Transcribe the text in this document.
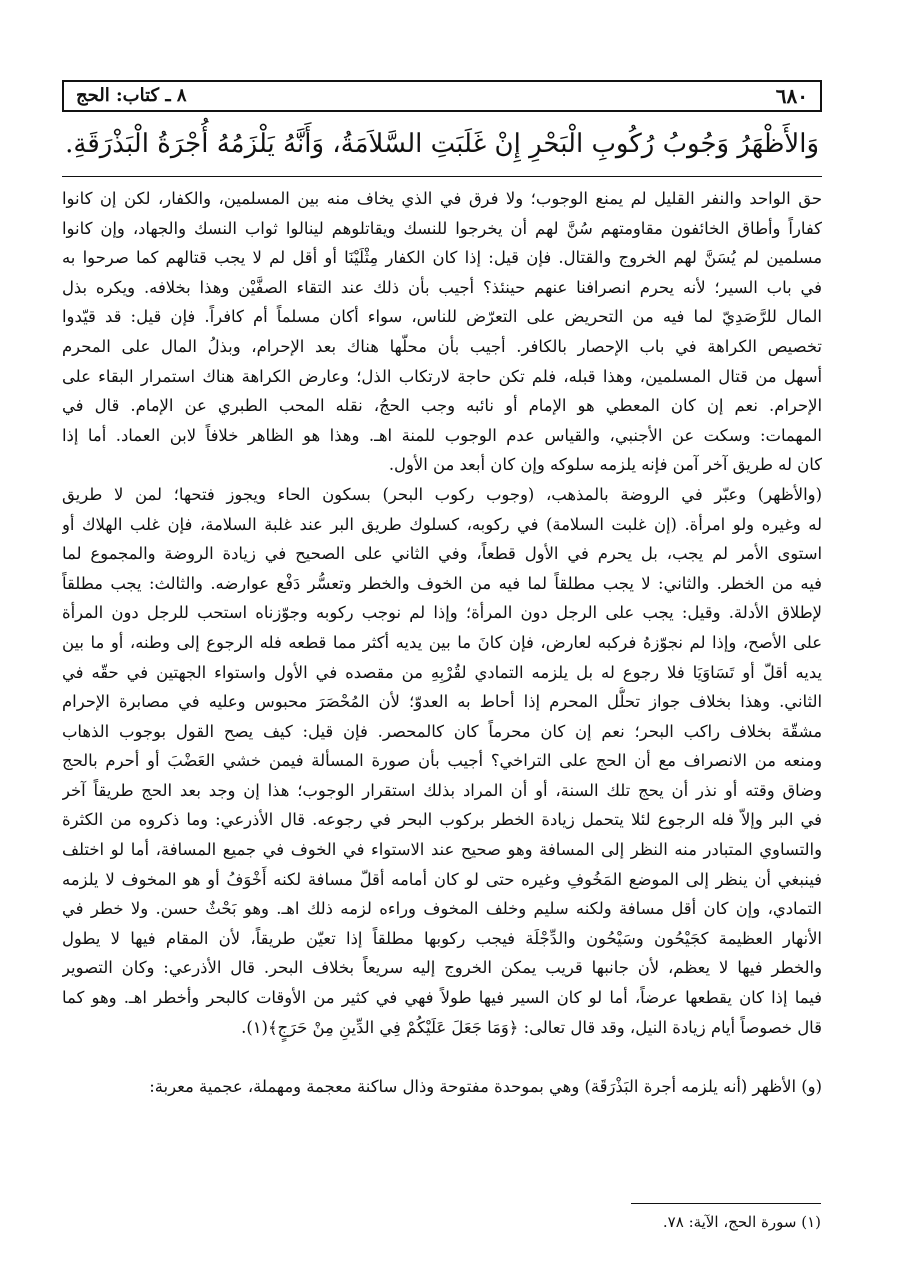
٦٨٠
٨ ـ كتاب: الحج
وَالأَظْهَرُ وَجُوبُ رُكُوبِ الْبَحْرِ إِنْ غَلَبَتِ السَّلاَمَةُ، وَأَنَّهُ يَلْزَمُهُ أُجْرَةُ الْبَذْرَقَةِ.
حق الواحد والنفر القليل لم يمنع الوجوب؛ ولا فرق في الذي يخاف منه بين المسلمين، والكفار، لكن إن كانوا
كفاراً وأطاق الخائفون مقاومتهم سُنَّ لهم أن يخرجوا للنسك ويقاتلوهم لينالوا ثواب النسك والجهاد، وإن كانوا
مسلمين لم يُسَنَّ لهم الخروج والقتال. فإن قيل: إذا كان الكفار مِثْلَيْنَا أو أقل لم لا يجب قتالهم كما صرحوا به
في باب السير؛ لأنه يحرم انصرافنا عنهم حينئذ؟ أجيب بأن ذلك عند التقاء الصفَّيْن وهذا بخلافه. ويكره بذل
المال للرَّصَدِيّ لما فيه من التحريض على التعرّض للناس، سواء أكان مسلماً أم كافراً. فإن قيل: قد قيّدوا
تخصيص الكراهة في باب الإحصار بالكافر. أجيب بأن محلّها هناك بعد الإحرام، وبذلُ المال على المحرم
أسهل من قتال المسلمين، وهذا قبله، فلم تكن حاجة لارتكاب الذل؛ وعارض الكراهة هناك استمرار البقاء على
الإحرام. نعم إن كان المعطي هو الإمام أو نائبه وجب الحجُ، نقله المحب الطبري عن الإمام. قال في
المهمات: وسكت عن الأجنبي، والقياس عدم الوجوب للمنة اهـ. وهذا هو الظاهر خلافاً لابن العماد. أما إذا
كان له طريق آخر آمن فإنه يلزمه سلوكه وإن كان أبعد من الأول.
(والأظهر) وعبّر في الروضة بالمذهب، (وجوب ركوب البحر) بسكون الحاء ويجوز فتحها؛ لمن لا طريق
له وغيره ولو امرأة. (إن غلبت السلامة) في ركوبه، كسلوك طريق البر عند غلبة السلامة، فإن غلب الهلاك أو
استوى الأمر لم يجب، بل يحرم في الأول قطعاً، وفي الثاني على الصحيح في زيادة الروضة والمجموع لما
فيه من الخطر. والثاني: لا يجب مطلقاً لما فيه من الخوف والخطر وتعسُّر دَفْع عوارضه. والثالث: يجب مطلقاً
لإطلاق الأدلة. وقيل: يجب على الرجل دون المرأة؛ وإذا لم نوجب ركوبه وجوّزناه استحب للرجل دون المرأة
على الأصح، وإذا لم نجوّزهُ فركبه لعارض، فإن كانَ ما بين يديه أكثر مما قطعه فله الرجوع إلى وطنه، أو ما بين
يديه أقلّ أو تَسَاوَيَا فلا رجوع له بل يلزمه التمادي لقُرْبِهِ من مقصده في الأول واستواء الجهتين في حقّه في
الثاني. وهذا بخلاف جواز تحلُّل المحرم إذا أحاط به العدوّ؛ لأن المُحْصَرَ محبوس وعليه في مصابرة الإحرام
مشقّة بخلاف راكب البحر؛ نعم إن كان محرماً كان كالمحصر. فإن قيل: كيف يصح القول بوجوب الذهاب
ومنعه من الانصراف مع أن الحج على التراخي؟ أجيب بأن صورة المسألة فيمن خشي العَضْبَ أو أحرم بالحج
وضاق وقته أو نذر أن يحج تلك السنة، أو أن المراد بذلك استقرار الوجوب؛ هذا إن وجد بعد الحج طريقاً آخر
في البر وإلاّ فله الرجوع لئلا يتحمل زيادة الخطر بركوب البحر في رجوعه. قال الأذرعي: وما ذكروه من الكثرة
والتساوي المتبادر منه النظر إلى المسافة وهو صحيح عند الاستواء في الخوف في جميع المسافة، أما لو اختلف
فينبغي أن ينظر إلى الموضع المَخُوفِ وغيره حتى لو كان أمامه أقلّ مسافة لكنه أَخْوَفُ أو هو المخوف لا يلزمه
التمادي، وإن كان أقل مسافة ولكنه سليم وخلف المخوف وراءه لزمه ذلك اهـ. وهو بَحْثٌ حسن. ولا خطر في
الأنهار العظيمة كجَيْحُون وسَيْحُون والدِّجْلَة فيجب ركوبها مطلقاً إذا تعيّن طريقاً، لأن المقام فيها لا يطول
والخطر فيها لا يعظم، لأن جانبها قريب يمكن الخروج إليه سريعاً بخلاف البحر. قال الأذرعي: وكان التصوير
فيما إذا كان يقطعها عرضاً، أما لو كان السير فيها طولاً فهي في كثير من الأوقات كالبحر وأخطر اهـ. وهو كما
قال خصوصاً أيام زيادة النيل، وقد قال تعالى: ﴿وَمَا جَعَلَ عَلَيْكُمْ فِي الدِّينِ مِنْ حَرَجٍ﴾(١).
(و) الأظهر (أنه يلزمه أجرة البَذْرَقَة) وهي بموحدة مفتوحة وذال ساكنة معجمة ومهملة، عجمية معربة:
(١) سورة الحج، الآية: ٧٨.
